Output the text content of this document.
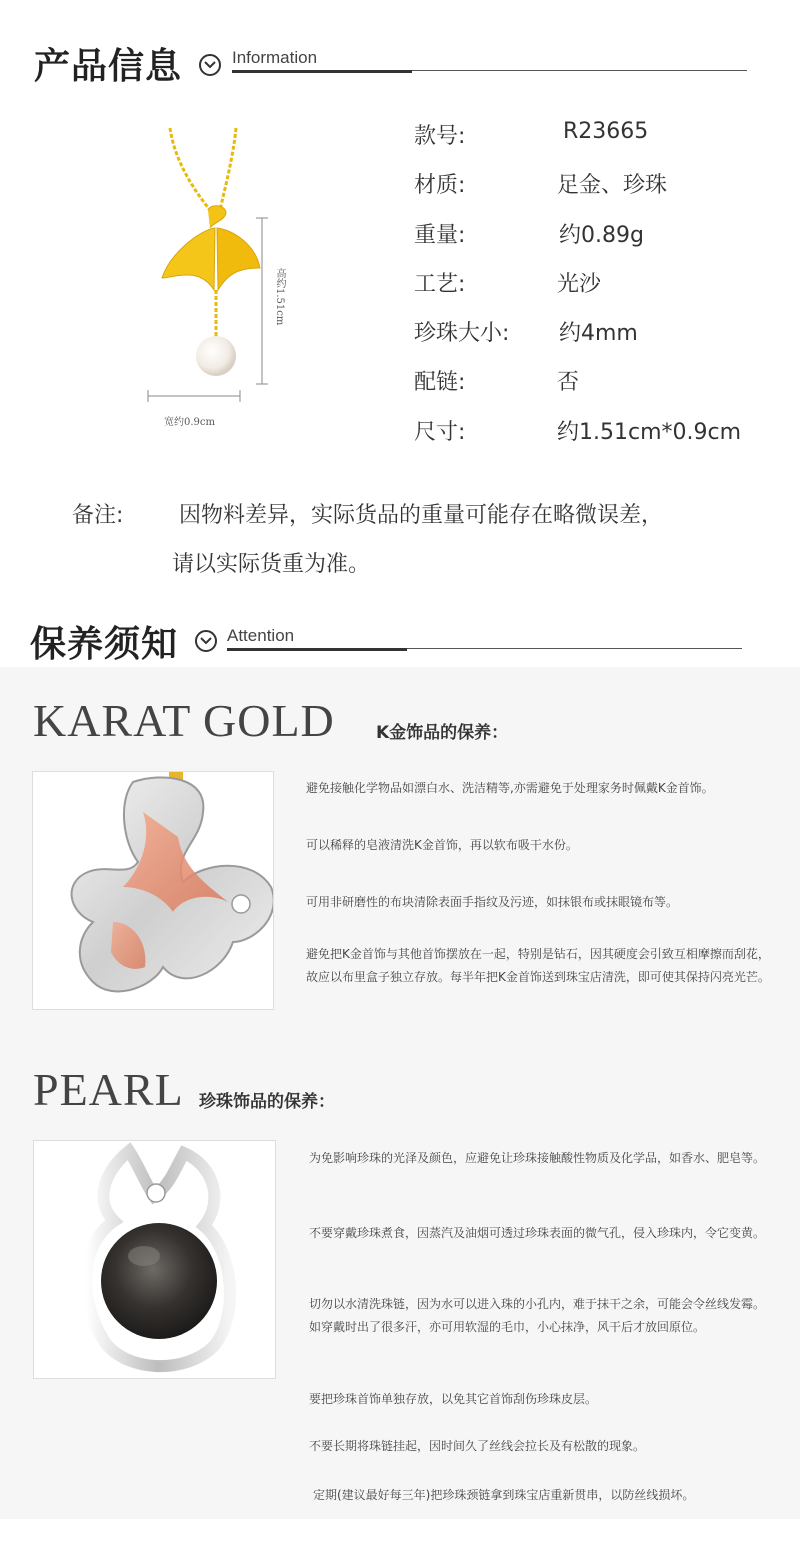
产品信息	Information
高约1.51cm
宽约0.9cm
款号:	R23665
材质:	足金、珍珠
重量:	约0.89g
工艺:	光沙
珍珠大小: 约4mm
配链:	否
尺寸:	约1.51cm*0.9cm
备注:	因物料差异，实际货品的重量可能存在略微误差，
请以实际货重为准。
保养须知	Attention
KARAT GOLD K金饰品的保养：
避免接触化学物品如漂白水、洗洁精等,亦需避免于处理家务时佩戴K金首饰。
可以稀释的皂液清洗K金首饰，再以软布吸干水份。
可用非研磨性的布块清除表面手指纹及污迹，如抹银布或抹眼镜布等。
避免把K金首饰与其他首饰摆放在一起，特别是钻石，因其硬度会引致互相摩擦而刮花，故应以布里盒子独立存放。每半年把K金首饰送到珠宝店清洗，即可使其保持闪亮光芒。
PEARL 珍珠饰品的保养：
为免影响珍珠的光泽及颜色，应避免让珍珠接触酸性物质及化学品，如香水、肥皂等。
不要穿戴珍珠煮食，因蒸汽及油烟可透过珍珠表面的微气孔，侵入珍珠内，令它变黄。
切勿以水清洗珠链，因为水可以进入珠的小孔内，难于抹干之余，可能会令丝线发霉。如穿戴时出了很多汗，亦可用软湿的毛巾，小心抹净，风干后才放回原位。
要把珍珠首饰单独存放，以免其它首饰刮伤珍珠皮层。
不要长期将珠链挂起，因时间久了丝线会拉长及有松散的现象。
定期(建议最好每三年)把珍珠颈链拿到珠宝店重新贯串，以防丝线损坏。
